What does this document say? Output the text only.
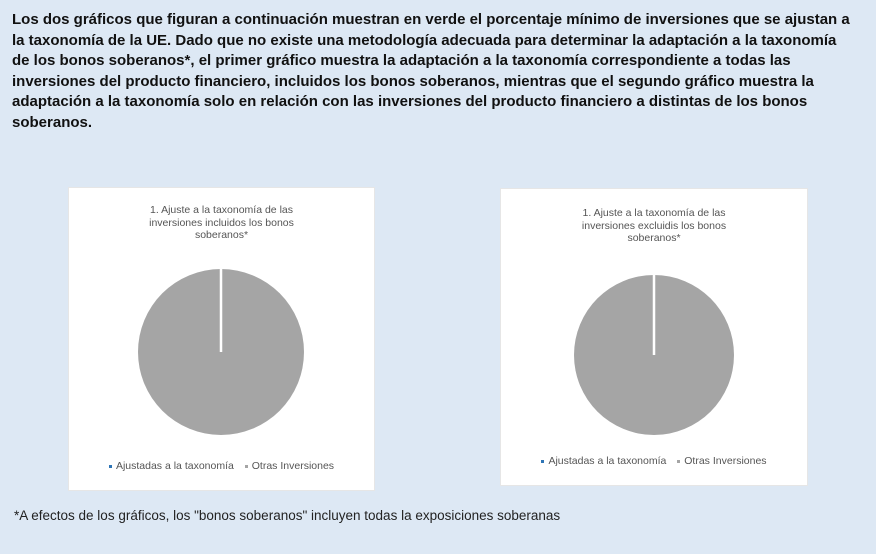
Los dos gráficos que figuran a continuación muestran en verde el porcentaje mínimo de inversiones que se ajustan a la taxonomía de la UE. Dado que no existe una metodología adecuada para determinar la adaptación a la taxonomía de los bonos soberanos*, el primer gráfico muestra la adaptación a la taxonomía correspondiente a todas las inversiones del producto financiero, incluidos los bonos soberanos, mientras que el segundo gráfico muestra la adaptación a la taxonomía solo en relación con las inversiones del producto financiero a distintas de los bonos soberanos.
1. Ajuste a la taxonomía de las
inversiones incluidos los bonos
soberanos*
Ajustadas a la taxonomía Otras Inversiones
1. Ajuste a la taxonomía de las
inversiones excluidis los bonos
soberanos*
Ajustadas a la taxonomía Otras Inversiones
*A efectos de los gráficos, los "bonos soberanos" incluyen todas la exposiciones soberanas
